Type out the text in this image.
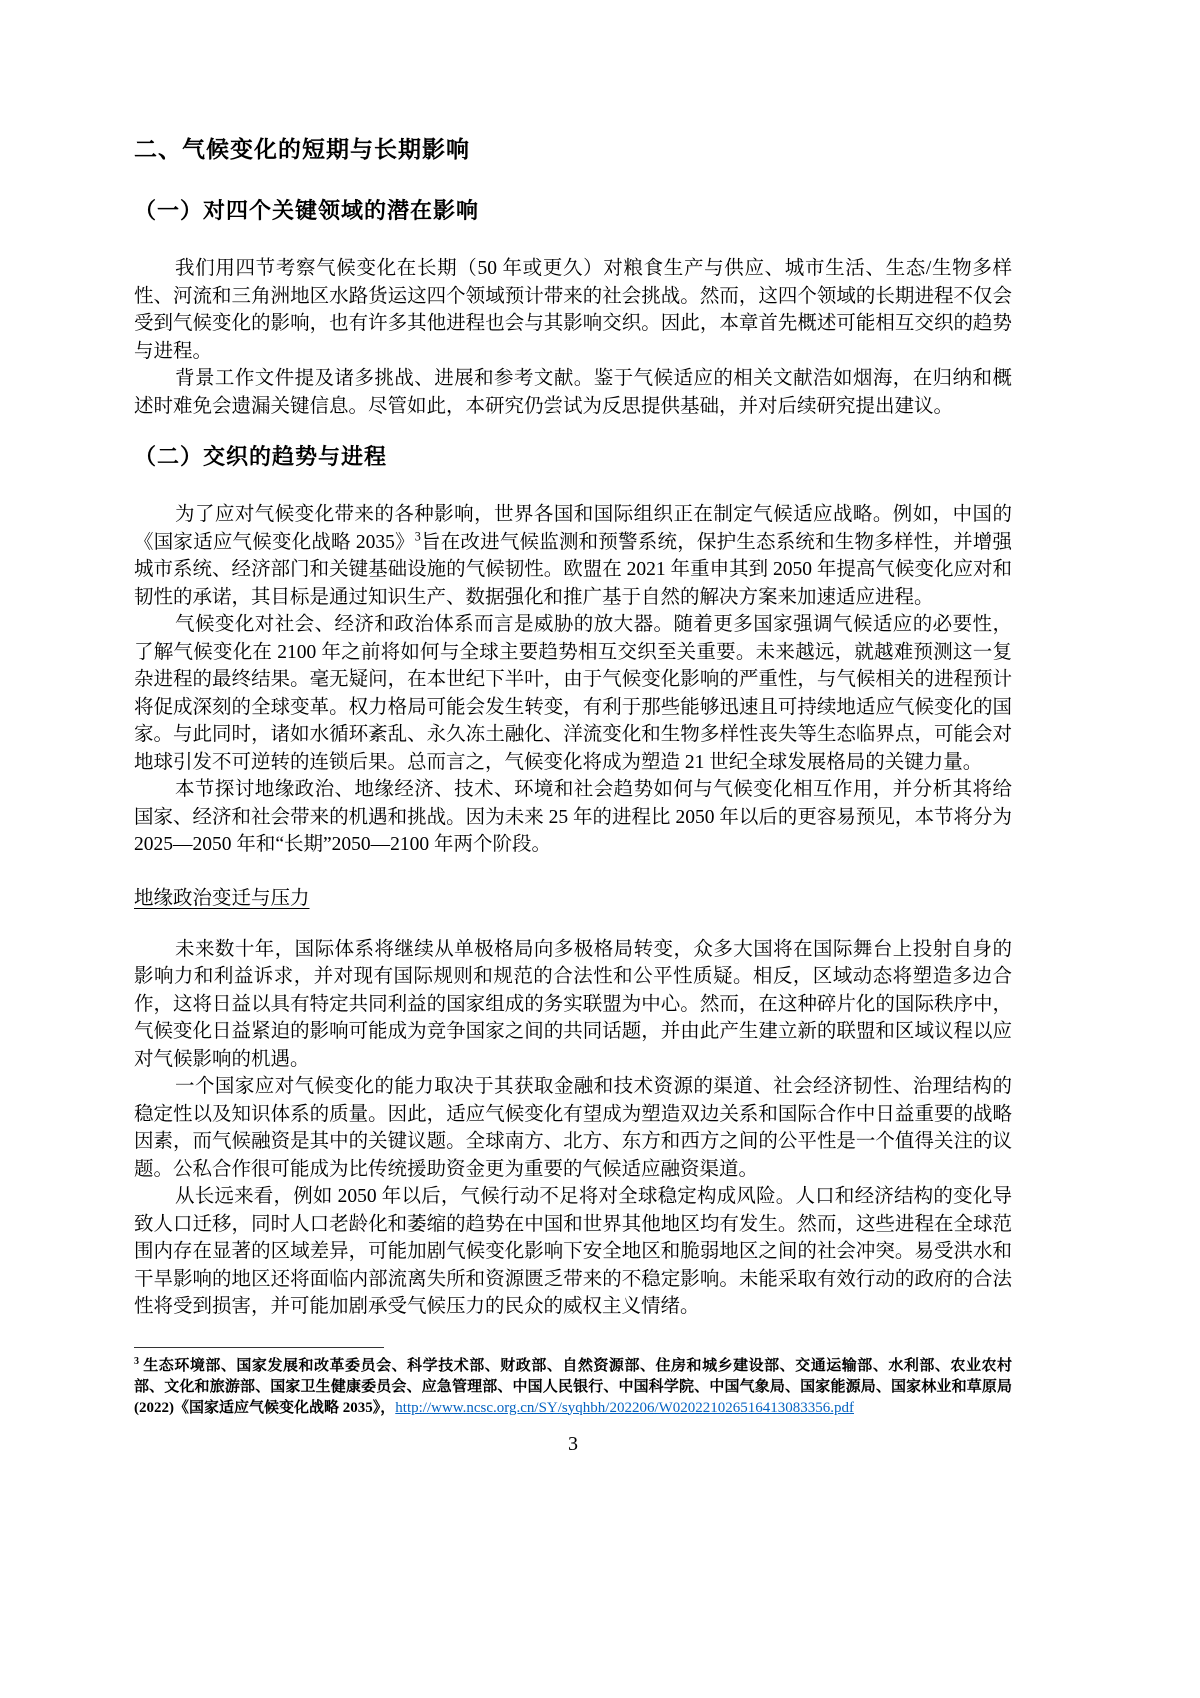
二、气候变化的短期与长期影响
（一）对四个关键领域的潜在影响

我们用四节考察气候变化在长期（50 年或更久）对粮食生产与供应、城市生活、生态/生物多样性、河流和三角洲地区水路货运这四个领域预计带来的社会挑战。然而，这四个领域的长期进程不仅会受到气候变化的影响，也有许多其他进程也会与其影响交织。因此，本章首先概述可能相互交织的趋势与进程。

背景工作文件提及诸多挑战、进展和参考文献。鉴于气候适应的相关文献浩如烟海，在归纳和概述时难免会遗漏关键信息。尽管如此，本研究仍尝试为反思提供基础，并对后续研究提出建议。

（二）交织的趋势与进程

为了应对气候变化带来的各种影响，世界各国和国际组织正在制定气候适应战略。例如，中国的《国家适应气候变化战略 2035》$^3$旨在改进气候监测和预警系统，保护生态系统和生物多样性，并增强城市系统、经济部门和关键基础设施的气候韧性。欧盟在 2021 年重申其到 2050 年提高气候变化应对和韧性的承诺，其目标是通过知识生产、数据强化和推广基于自然的解决方案来加速适应进程。

气候变化对社会、经济和政治体系而言是威胁的放大器。随着更多国家强调气候适应的必要性，了解气候变化在 2100 年之前将如何与全球主要趋势相互交织至关重要。未来越远，就越难预测这一复杂进程的最终结果。毫无疑问，在本世纪下半叶，由于气候变化影响的严重性，与气候相关的进程预计将促成深刻的全球变革。权力格局可能会发生转变，有利于那些能够迅速且可持续地适应气候变化的国家。与此同时，诸如水循环紊乱、永久冻土融化、洋流变化和生物多样性丧失等生态临界点，可能会对地球引发不可逆转的连锁后果。总而言之，气候变化将成为塑造 21 世纪全球发展格局的关键力量。

本节探讨地缘政治、地缘经济、技术、环境和社会趋势如何与气候变化相互作用，并分析其将给国家、经济和社会带来的机遇和挑战。因为未来 25 年的进程比 2050 年以后的更容易预见，本节将分为 2025—2050 年和“长期”2050—2100 年两个阶段。

地缘政治变迁与压力

未来数十年，国际体系将继续从单极格局向多极格局转变，众多大国将在国际舞台上投射自身的影响力和利益诉求，并对现有国际规则和规范的合法性和公平性质疑。相反，区域动态将塑造多边合作，这将日益以具有特定共同利益的国家组成的务实联盟为中心。然而，在这种碎片化的国际秩序中，气候变化日益紧迫的影响可能成为竞争国家之间的共同话题，并由此产生建立新的联盟和区域议程以应对气候影响的机遇。

一个国家应对气候变化的能力取决于其获取金融和技术资源的渠道、社会经济韧性、治理结构的稳定性以及知识体系的质量。因此，适应气候变化有望成为塑造双边关系和国际合作中日益重要的战略因素，而气候融资是其中的关键议题。全球南方、北方、东方和西方之间的公平性是一个值得关注的议题。公私合作很可能成为比传统援助资金更为重要的气候适应融资渠道。

从长远来看，例如 2050 年以后，气候行动不足将对全球稳定构成风险。人口和经济结构的变化导致人口迁移，同时人口老龄化和萎缩的趋势在中国和世界其他地区均有发生。然而，这些进程在全球范围内存在显著的区域差异，可能加剧气候变化影响下安全地区和脆弱地区之间的社会冲突。易受洪水和干旱影响的地区还将面临内部流离失所和资源匮乏带来的不稳定影响。未能采取有效行动的政府的合法性将受到损害，并可能加剧承受气候压力的民众的威权主义情绪。

$^3$ 生态环境部、国家发展和改革委员会、科学技术部、财政部、自然资源部、住房和城乡建设部、交通运输部、水利部、农业农村部、文化和旅游部、国家卫生健康委员会、应急管理部、中国人民银行、中国科学院、中国气象局、国家能源局、国家林业和草原局 (2022)《国家适应气候变化战略 2035》，http://www.ncsc.org.cn/SY/syqhbh/202206/W020221026516413083356.pdf
3
